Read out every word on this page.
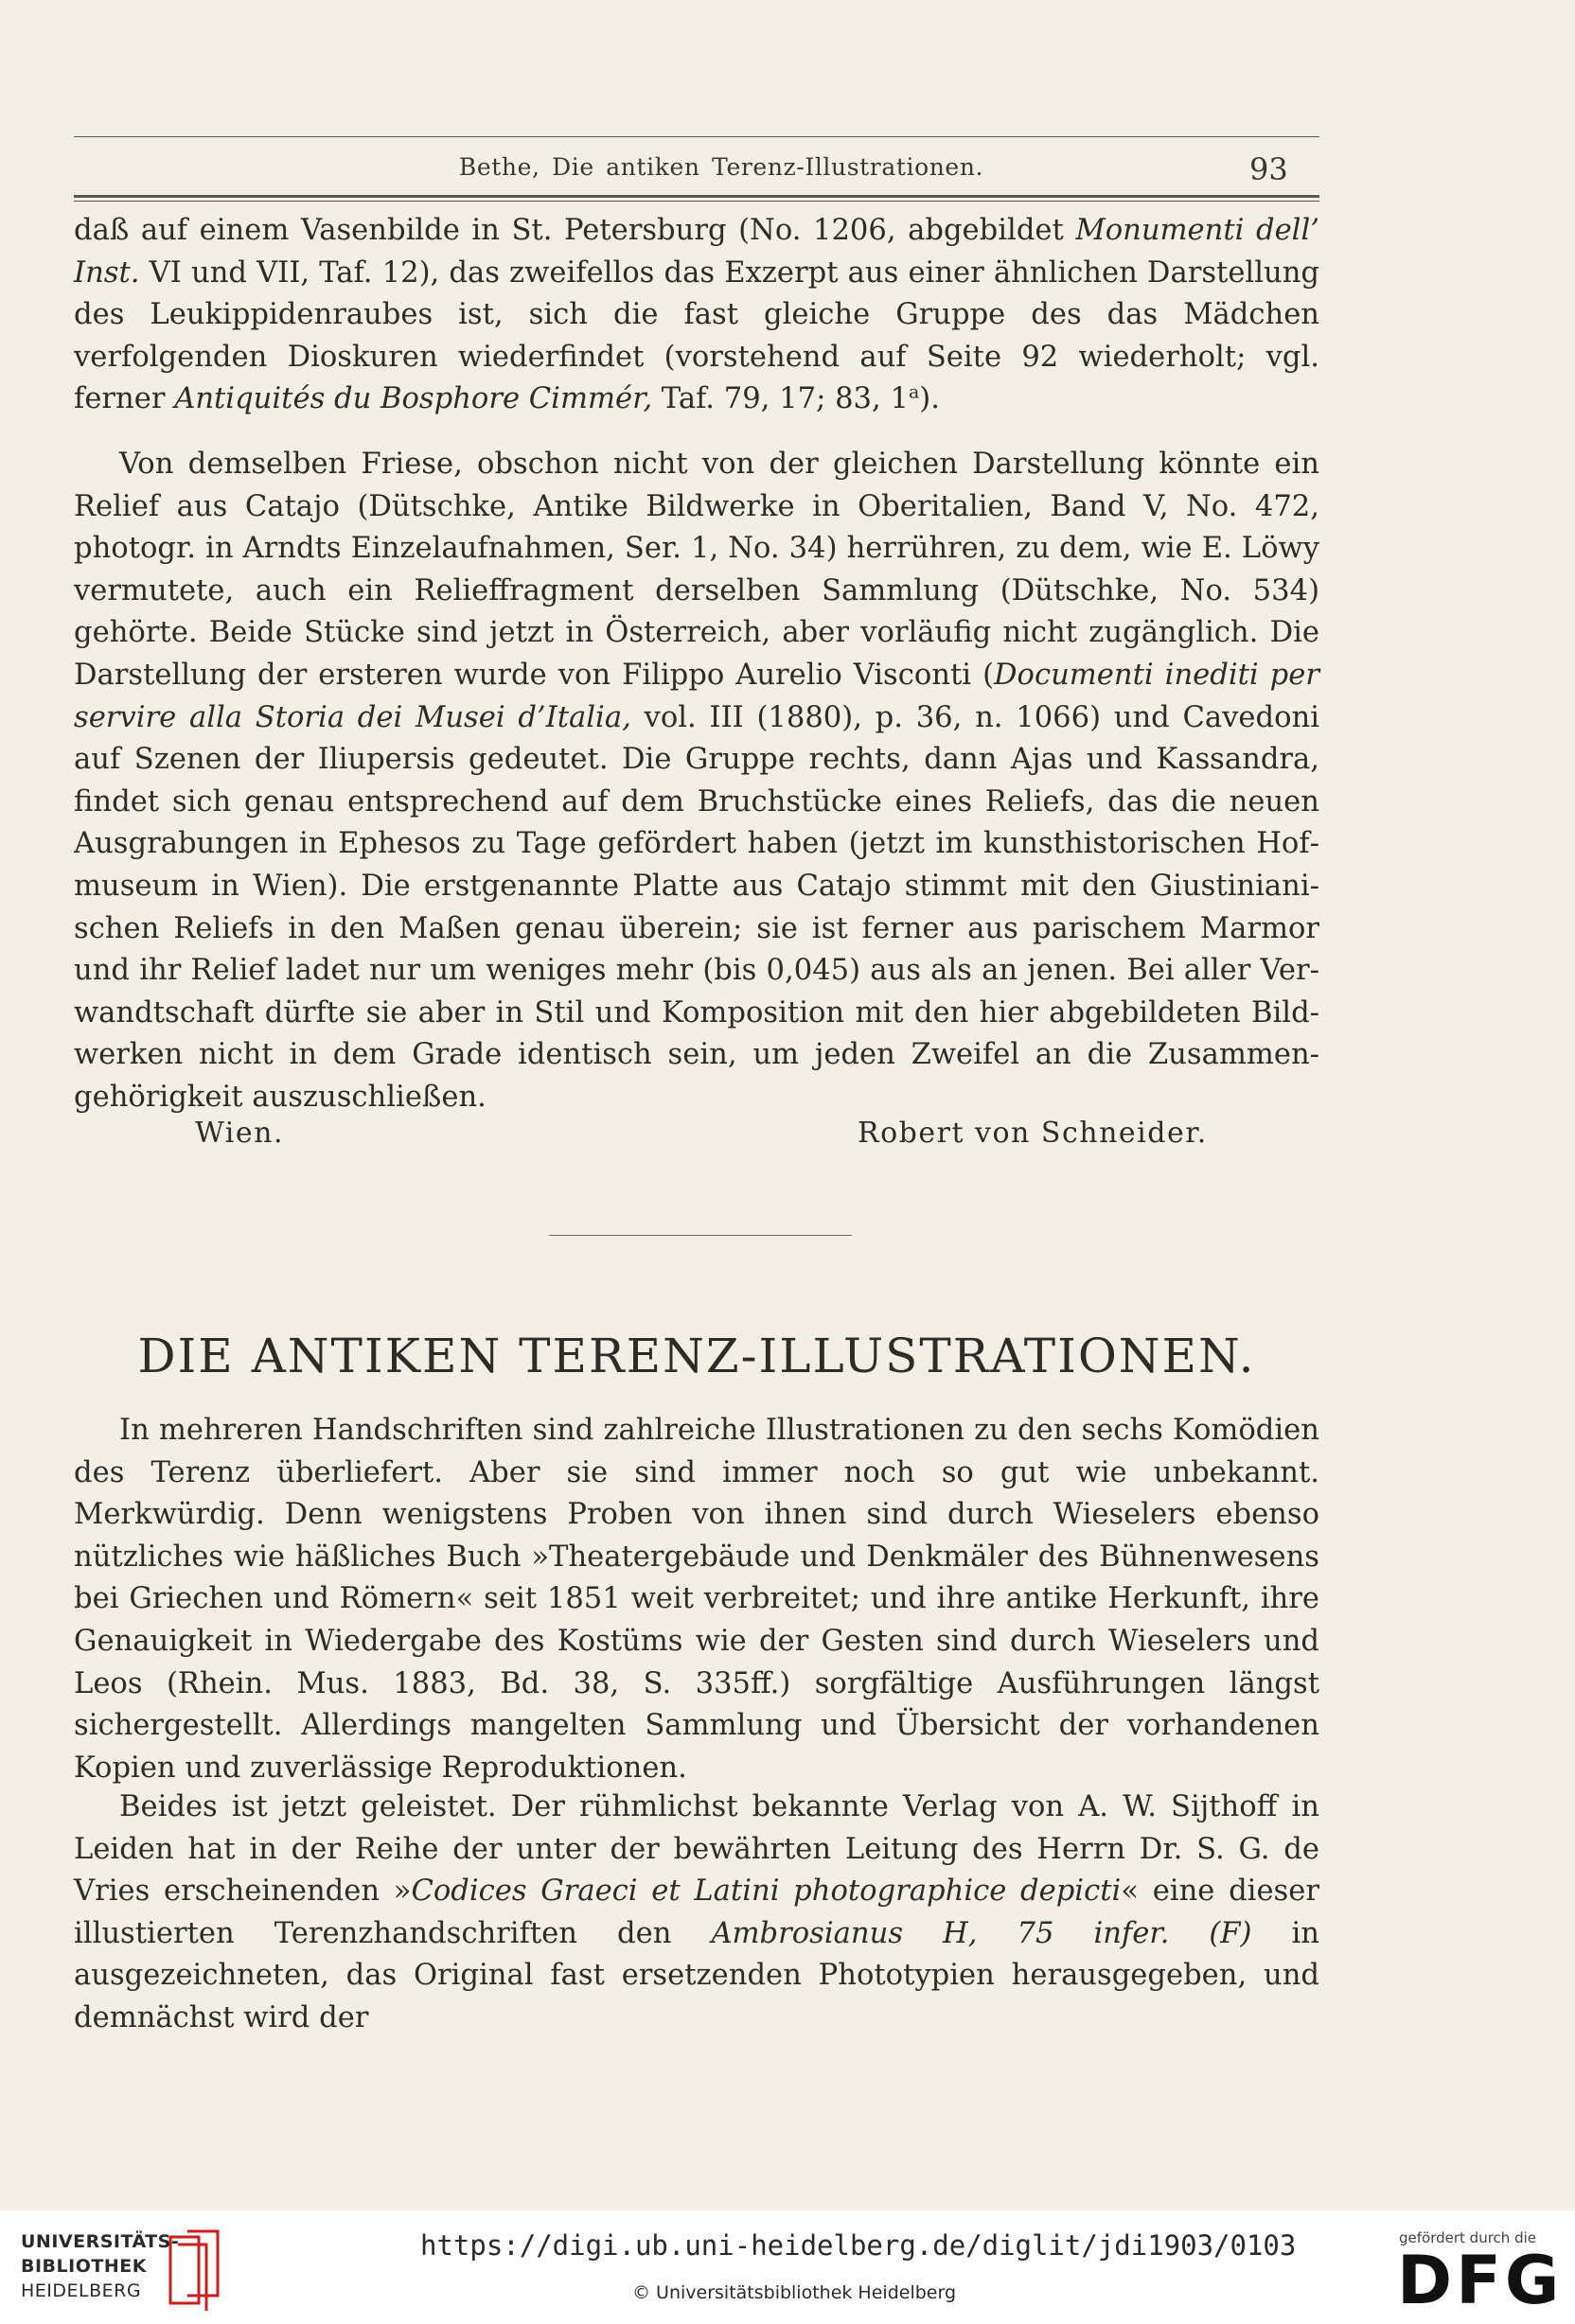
Bethe, Die antiken Terenz-Illustrationen.	93
daß auf einem Vasenbilde in St. Petersburg (No. 1206, abgebildet Monumenti dell’ Inst. VI und VII, Taf. 12), das zweifellos das Exzerpt aus einer ähnlichen Darstellung des Leukippidenraubes ist, sich die fast gleiche Gruppe des das Mädchen verfolgenden Dioskuren wiederfindet (vorstehend auf Seite 92 wiederholt; vgl. ferner Antiquités du Bosphore Cimmér, Taf. 79, 17; 83, 1$^a$).
Von demselben Friese, obschon nicht von der gleichen Darstellung könnte ein Relief aus Catajo (Dütschke, Antike Bildwerke in Oberitalien, Band V, No. 472, photogr. in Arndts Einzelaufnahmen, Ser. 1, No. 34) herrühren, zu dem, wie E. Löwy vermutete, auch ein Relieffragment derselben Sammlung (Dütschke, No. 534) gehörte. Beide Stücke sind jetzt in Österreich, aber vorläufig nicht zugänglich. Die Darstellung der ersteren wurde von Filippo Aurelio Visconti (Documenti inediti per servire alla Storia dei Musei d’Italia, vol. III (1880), p. 36, n. 1066) und Cavedoni auf Szenen der Iliupersis gedeutet. Die Gruppe rechts, dann Ajas und Kassandra, findet sich genau entsprechend auf dem Bruchstücke eines Reliefs, das die neuen Ausgrabungen in Ephesos zu Tage gefördert haben (jetzt im kunsthistorischen Hofmuseum in Wien). Die erstgenannte Platte aus Catajo stimmt mit den Giustinianischen Reliefs in den Maßen genau überein; sie ist ferner aus parischem Marmor und ihr Relief ladet nur um weniges mehr (bis 0,045) aus als an jenen. Bei aller Verwandtschaft dürfte sie aber in Stil und Komposition mit den hier abgebildeten Bildwerken nicht in dem Grade identisch sein, um jeden Zweifel an die Zusammengehörigkeit auszuschließen.
Wien.	Robert von Schneider.
DIE ANTIKEN TERENZ-ILLUSTRATIONEN.
In mehreren Handschriften sind zahlreiche Illustrationen zu den sechs Komödien des Terenz überliefert. Aber sie sind immer noch so gut wie unbekannt. Merkwürdig. Denn wenigstens Proben von ihnen sind durch Wieselers ebenso nützliches wie häßliches Buch »Theatergebäude und Denkmäler des Bühnenwesens bei Griechen und Römern« seit 1851 weit verbreitet; und ihre antike Herkunft, ihre Genauigkeit in Wiedergabe des Kostüms wie der Gesten sind durch Wieselers und Leos (Rhein. Mus. 1883, Bd. 38, S. 335ff.) sorgfältige Ausführungen längst sichergestellt. Allerdings mangelten Sammlung und Übersicht der vorhandenen Kopien und zuverlässige Reproduktionen.
Beides ist jetzt geleistet. Der rühmlichst bekannte Verlag von A. W. Sijthoff in Leiden hat in der Reihe der unter der bewährten Leitung des Herrn Dr. S. G. de Vries erscheinenden »Codices Graeci et Latini photographice depicti« eine dieser illustierten Terenzhandschriften den Ambrosianus H, 75 infer. (F) in ausgezeichneten, das Original fast ersetzenden Phototypien herausgegeben, und demnächst wird der
UNIVERSITÄTS-
BIBLIOTHEK
HEIDELBERG
https://digi.ub.uni-heidelberg.de/diglit/jdi1903/0103
© Universitätsbibliothek Heidelberg
gefördert durch die
DFG
